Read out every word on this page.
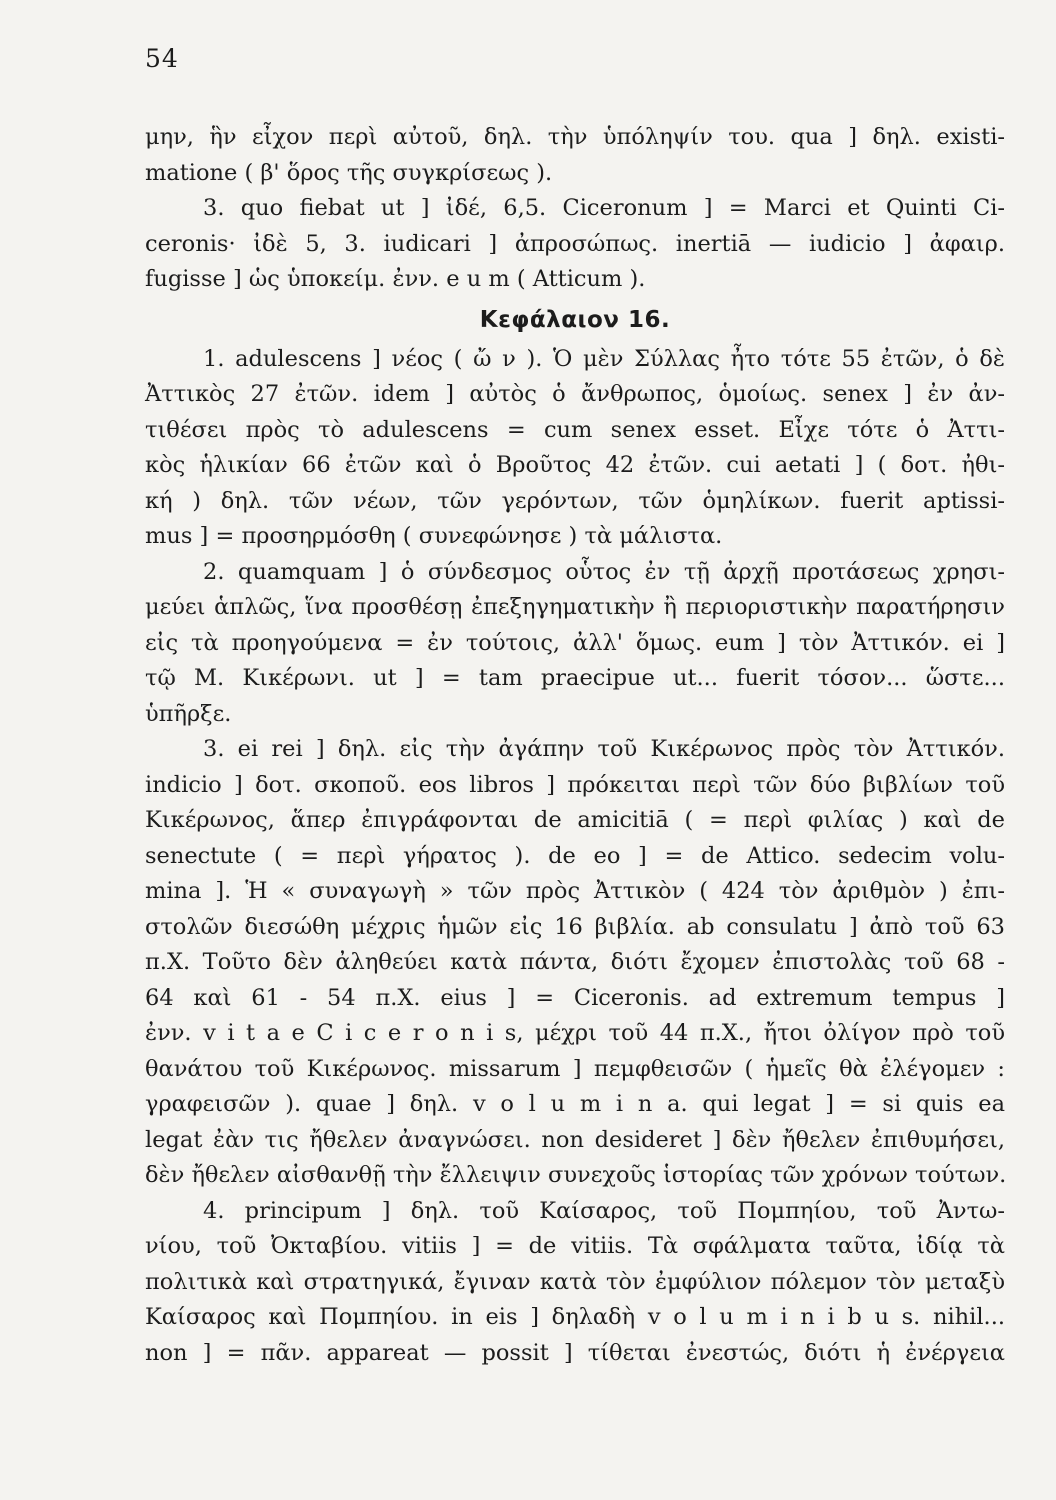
54
μην, ἣν εἶχον περὶ αὐτοῦ, δηλ. τὴν ὑπόληψίν του. qua ] δηλ. existi-
matione ( β' ὅρος τῆς συγκρίσεως ).
3. quo fiebat ut ] ἰδέ, 6,5. Ciceronum ] = Marci et Quinti Ci-
ceronis· ἰδὲ 5, 3. iudicari ] ἀπροσώπως. inertiā — iudicio ] ἀφαιρ.
fugisse ] ὡς ὑποκείμ. ἐνν. e u m ( Atticum ).
Κεφάλαιον 16.
1. adulescens ] νέος ( ὤ ν ). Ὁ μὲν Σύλλας ἦτο τότε 55 ἐτῶν, ὁ δὲ
Ἀττικὸς 27 ἐτῶν. idem ] αὐτὸς ὁ ἄνθρωπος, ὁμοίως. senex ] ἐν ἀν-
τιθέσει πρὸς τὸ adulescens = cum senex esset. Εἶχε τότε ὁ Ἀττι-
κὸς ἡλικίαν 66 ἐτῶν καὶ ὁ Βροῦτος 42 ἐτῶν. cui aetati ] ( δοτ. ἠθι-
κή ) δηλ. τῶν νέων, τῶν γερόντων, τῶν ὁμηλίκων. fuerit aptissi-
mus ] = προσηρμόσθη ( συνεφώνησε ) τὰ μάλιστα.
2. quamquam ] ὁ σύνδεσμος οὗτος ἐν τῇ ἀρχῇ προτάσεως χρησι-
μεύει ἁπλῶς, ἵνα προσθέσῃ ἐπεξηγηματικὴν ἢ περιοριστικὴν παρατήρησιν
εἰς τὰ προηγούμενα = ἐν τούτοις, ἀλλ' ὅμως. eum ] τὸν Ἀττικόν. ei ]
τῷ Μ. Κικέρωνι. ut ] = tam praecipue ut... fuerit τόσον... ὥστε...
ὑπῆρξε.
3. ei rei ] δηλ. εἰς τὴν ἀγάπην τοῦ Κικέρωνος πρὸς τὸν Ἀττικόν.
indicio ] δοτ. σκοποῦ. eos libros ] πρόκειται περὶ τῶν δύο βιβλίων τοῦ
Κικέρωνος, ἅπερ ἐπιγράφονται de amicitiā ( = περὶ φιλίας ) καὶ de
senectute ( = περὶ γήρατος ). de eo ] = de Attico. sedecim volu-
mina ]. Ἡ « συναγωγὴ » τῶν πρὸς Ἀττικὸν ( 424 τὸν ἀριθμὸν ) ἐπι-
στολῶν διεσώθη μέχρις ἡμῶν εἰς 16 βιβλία. ab consulatu ] ἀπὸ τοῦ 63
π.Χ. Τοῦτο δὲν ἀληθεύει κατὰ πάντα, διότι ἔχομεν ἐπιστολὰς τοῦ 68 -
64 καὶ 61 - 54 π.Χ. eius ] = Ciceronis. ad extremum tempus ]
ἐνν. v i t a e C i c e r o n i s, μέχρι τοῦ 44 π.Χ., ἤτοι ὀλίγον πρὸ τοῦ
θανάτου τοῦ Κικέρωνος. missarum ] πεμφθεισῶν ( ἡμεῖς θὰ ἐλέγομεν :
γραφεισῶν ). quae ] δηλ. v o l u m i n a. qui legat ] = si quis ea
legat ἐὰν τις ἤθελεν ἀναγνώσει. non desideret ] δὲν ἤθελεν ἐπιθυμήσει,
δὲν ἤθελεν αἰσθανθῇ τὴν ἔλλειψιν συνεχοῦς ἱστορίας τῶν χρόνων τούτων.
4. principum ] δηλ. τοῦ Καίσαρος, τοῦ Πομπηίου, τοῦ Ἀντω-
νίου, τοῦ Ὀκταβίου. vitiis ] = de vitiis. Τὰ σφάλματα ταῦτα, ἰδίᾳ τὰ
πολιτικὰ καὶ στρατηγικά, ἔγιναν κατὰ τὸν ἐμφύλιον πόλεμον τὸν μεταξὺ
Καίσαρος καὶ Πομπηίου. in eis ] δηλαδὴ v o l u m i n i b u s. nihil...
non ] = πᾶν. appareat — possit ] τίθεται ἐνεστώς, διότι ἡ ἐνέργεια
